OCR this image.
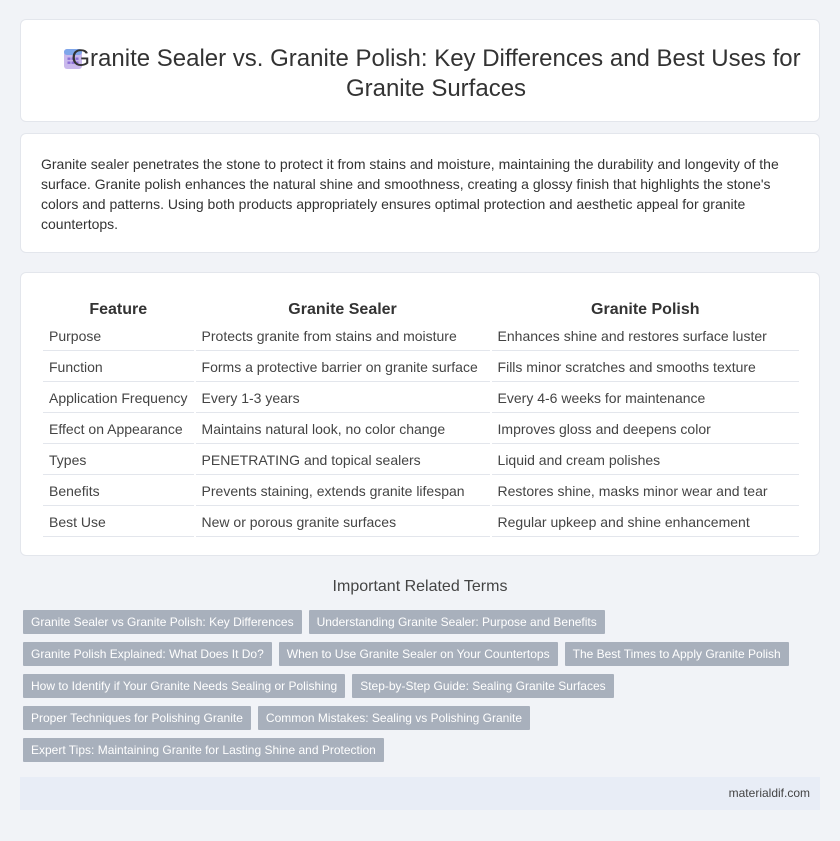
Granite Sealer vs. Granite Polish: Key Differences and Best Uses for Granite Surfaces

Granite sealer penetrates the stone to protect it from stains and moisture, maintaining the durability and longevity of the surface. Granite polish enhances the natural shine and smoothness, creating a glossy finish that highlights the stone's colors and patterns. Using both products appropriately ensures optimal protection and aesthetic appeal for granite countertops.

Feature	Granite Sealer	Granite Polish
Purpose	Protects granite from stains and moisture	Enhances shine and restores surface luster
Function	Forms a protective barrier on granite surface	Fills minor scratches and smooths texture
Application Frequency	Every 1-3 years	Every 4-6 weeks for maintenance
Effect on Appearance	Maintains natural look, no color change	Improves gloss and deepens color
Types	PENETRATING and topical sealers	Liquid and cream polishes
Benefits	Prevents staining, extends granite lifespan	Restores shine, masks minor wear and tear
Best Use	New or porous granite surfaces	Regular upkeep and shine enhancement
Important Related Terms
Granite Sealer vs Granite Polish: Key Differences	Understanding Granite Sealer: Purpose and Benefits
Granite Polish Explained: What Does It Do?	When to Use Granite Sealer on Your Countertops	The Best Times to Apply Granite Polish
How to Identify if Your Granite Needs Sealing or Polishing	Step-by-Step Guide: Sealing Granite Surfaces
Proper Techniques for Polishing Granite	Common Mistakes: Sealing vs Polishing Granite
Expert Tips: Maintaining Granite for Lasting Shine and Protection
materialdif.com
